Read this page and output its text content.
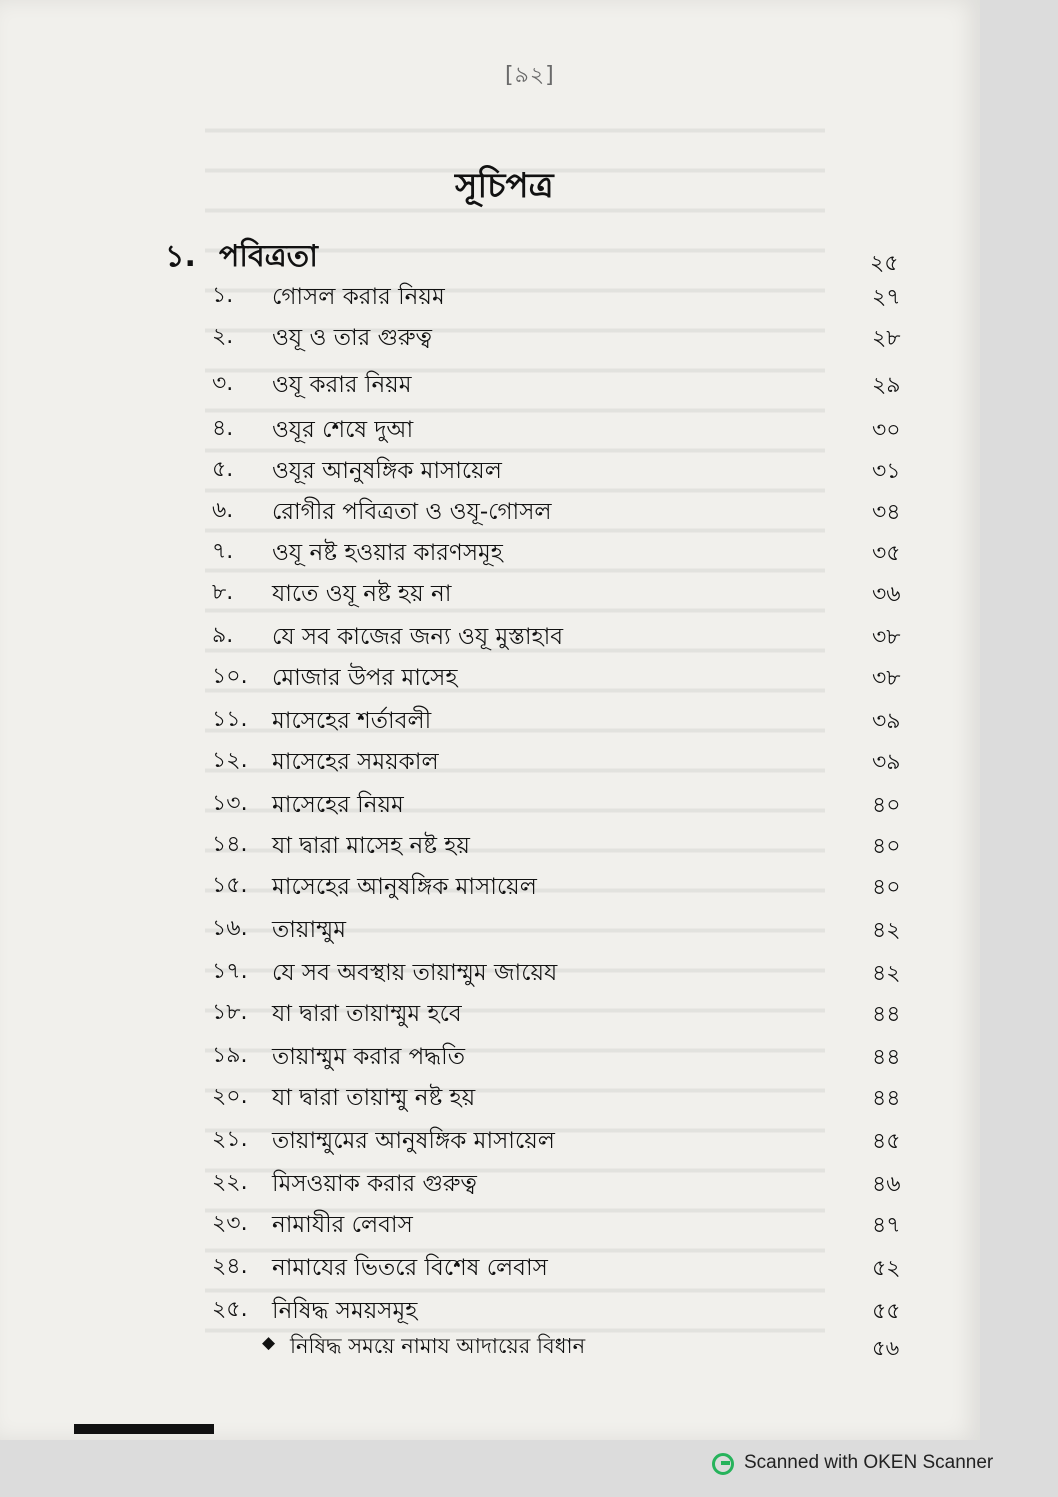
[৯২]
সূচিপত্র
১. পবিত্রতা	২৫
১. গোসল করার নিয়ম	২৭
২. ওযূ ও তার গুরুত্ব	২৮
৩. ওযূ করার নিয়ম	২৯
৪. ওযূর শেষে দুআ	৩০
৫. ওযূর আনুষঙ্গিক মাসায়েল	৩১
৬. রোগীর পবিত্রতা ও ওযূ-গোসল	৩৪
৭. ওযূ নষ্ট হওয়ার কারণসমূহ	৩৫
৮. যাতে ওযূ নষ্ট হয় না	৩৬
৯. যে সব কাজের জন্য ওযূ মুস্তাহাব	৩৮
১০. মোজার উপর মাসেহ	৩৮
১১. মাসেহের শর্তাবলী	৩৯
১২. মাসেহের সময়কাল	৩৯
১৩. মাসেহের নিয়ম	৪০
১৪. যা দ্বারা মাসেহ নষ্ট হয়	৪০
১৫. মাসেহের আনুষঙ্গিক মাসায়েল	৪০
১৬. তায়াম্মুম	৪২
১৭. যে সব অবস্থায় তায়াম্মুম জায়েয	৪২
১৮. যা দ্বারা তায়াম্মুম হবে	৪৪
১৯. তায়াম্মুম করার পদ্ধতি	৪৪
২০. যা দ্বারা তায়াম্মু নষ্ট হয়	৪৪
২১. তায়াম্মুমের আনুষঙ্গিক মাসায়েল	৪৫
২২. মিসওয়াক করার গুরুত্ব	৪৬
২৩. নামাযীর লেবাস	৪৭
২৪. নামাযের ভিতরে বিশেষ লেবাস	৫২
২৫. নিষিদ্ধ সময়সমূহ	৫৫
◆ নিষিদ্ধ সময়ে নামায আদায়ের বিধান	৫৬
Scanned with OKEN Scanner
